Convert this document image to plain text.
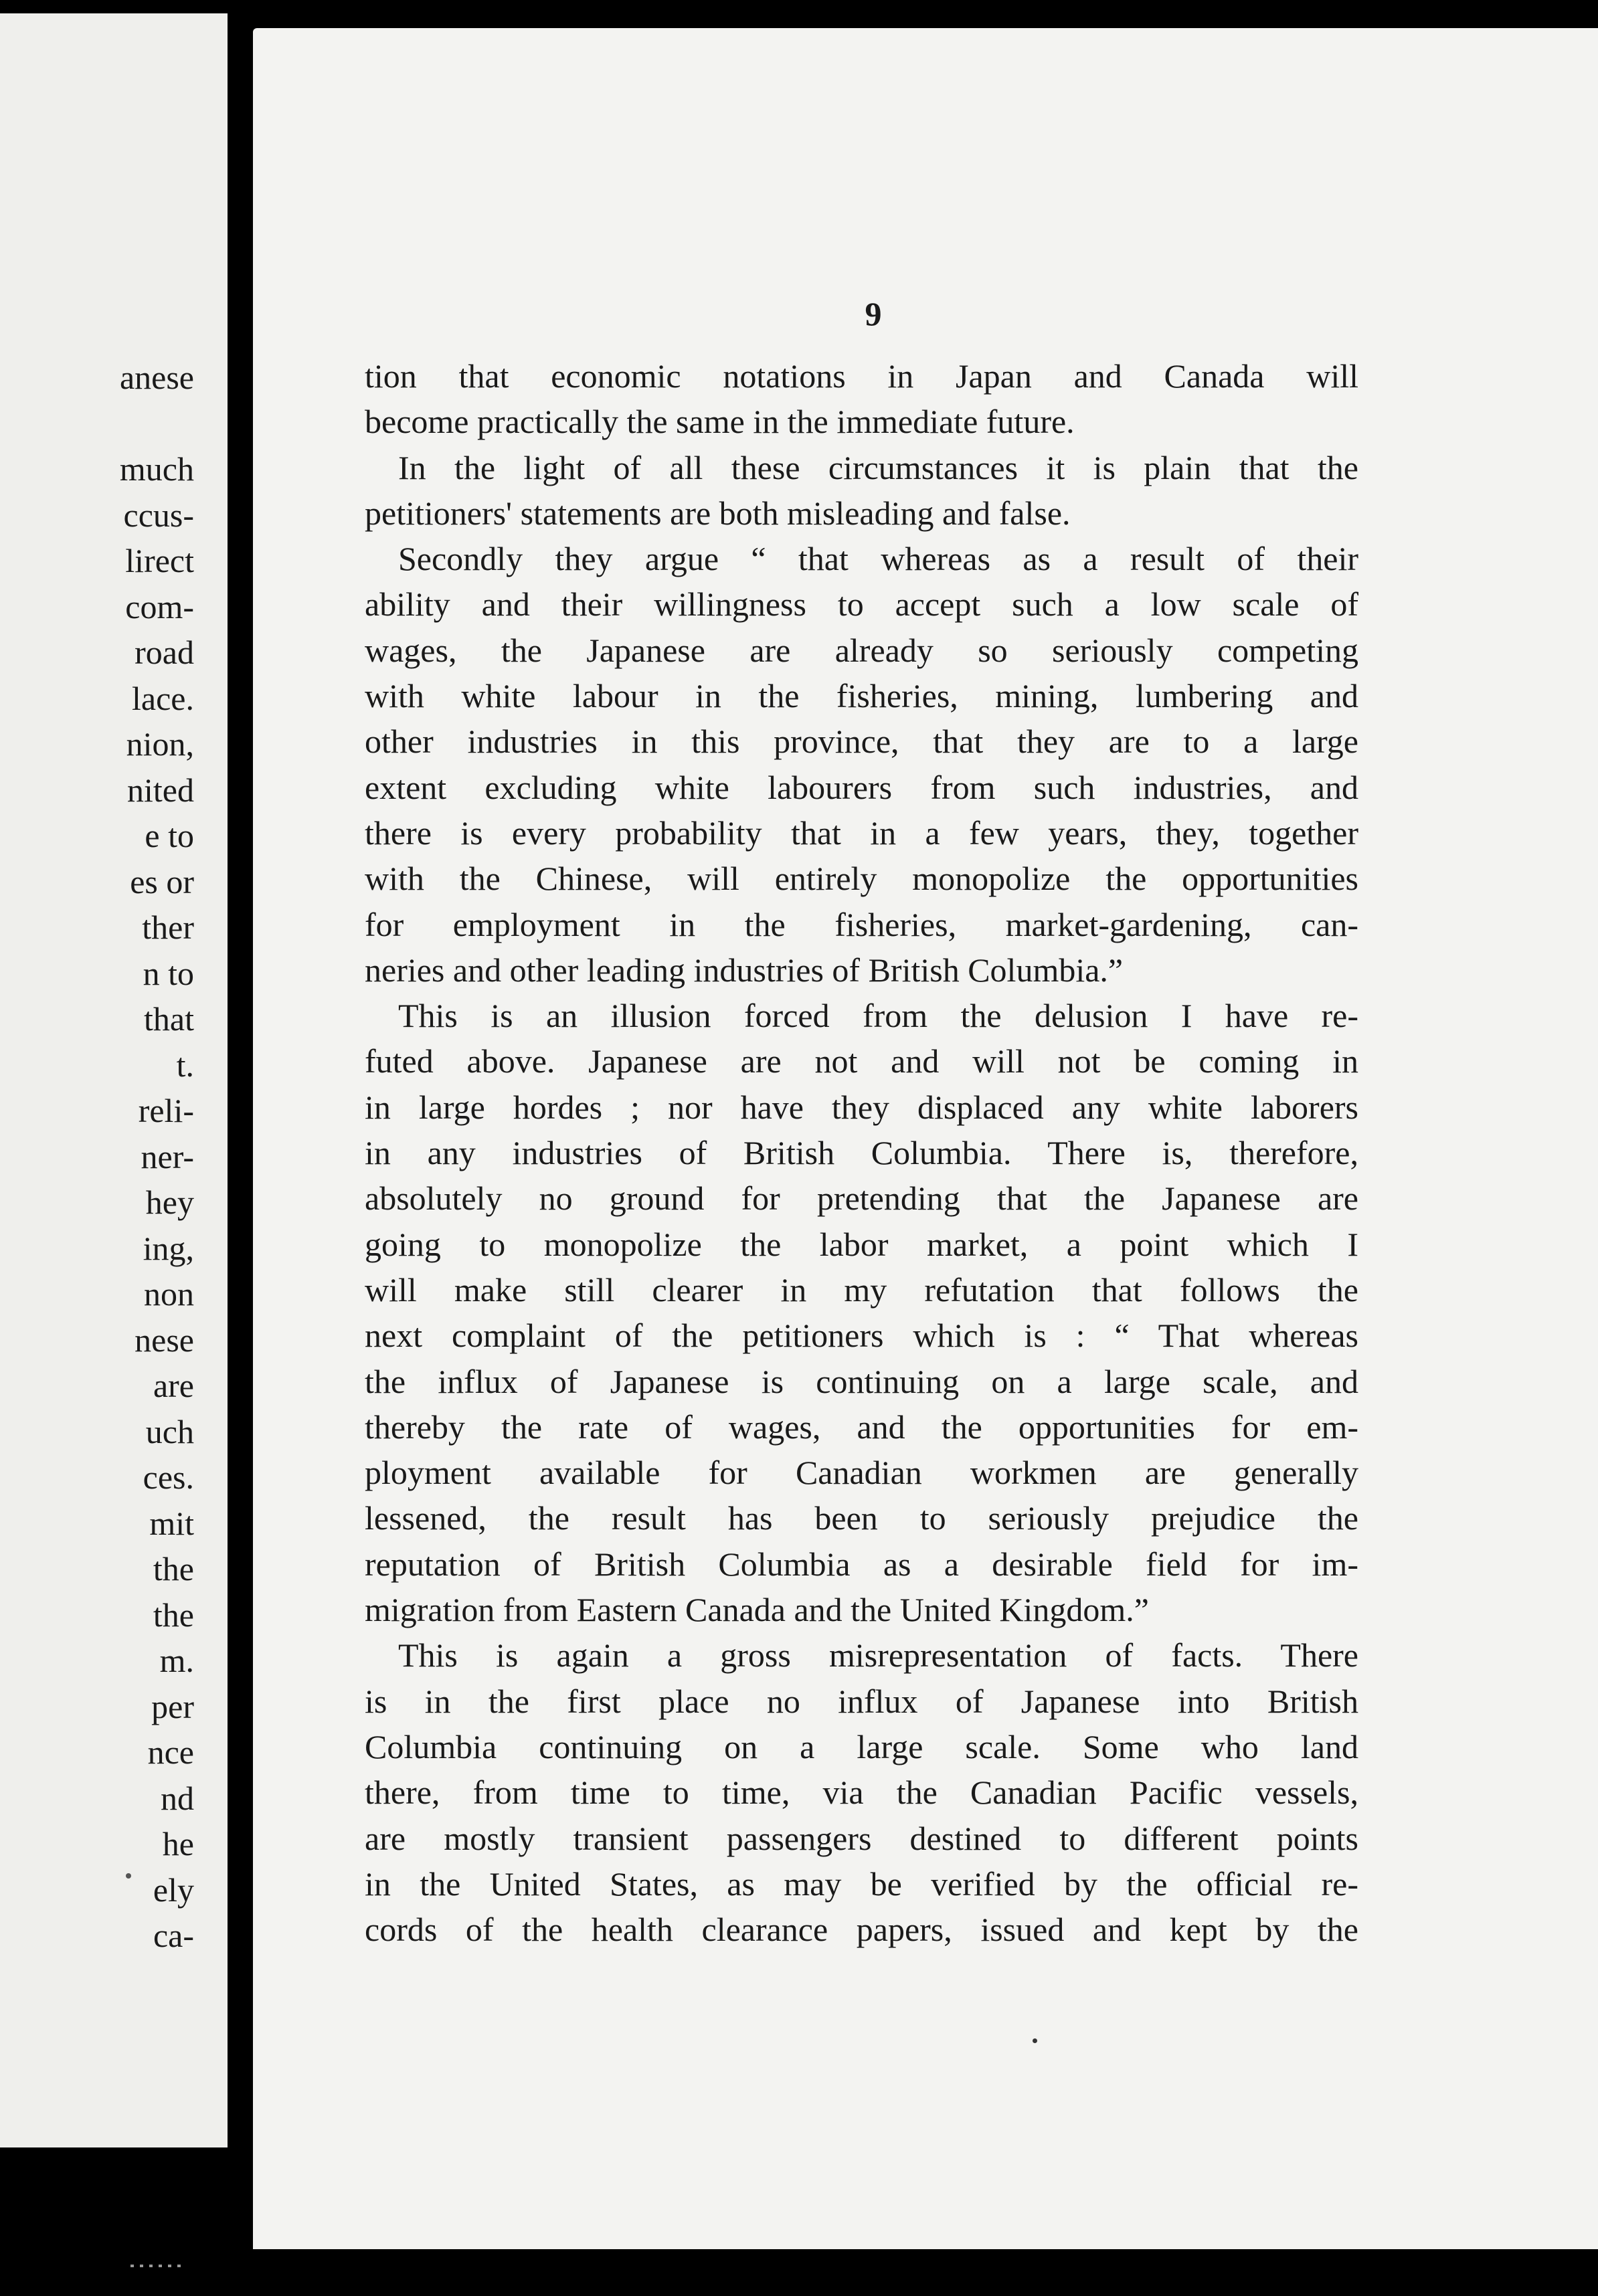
anese

much
ccus-
lirect
com-
road
lace.
nion,
nited
e to
es or
ther
n to
that
t.
reli-
ner-
hey
ing,
non
nese
are
uch
ces.
mit
the
the
m.
per
nce
nd
he
ely
ca-
9
tion that economic notations in Japan and Canada will
become practically the same in the immediate future.
In the light of all these circumstances it is plain that the
petitioners' statements are both misleading and false.
Secondly they argue “ that whereas as a result of their
ability and their willingness to accept such a low scale of
wages, the Japanese are already so seriously competing
with white labour in the fisheries, mining, lumbering and
other industries in this province, that they are to a large
extent excluding white labourers from such industries, and
there is every probability that in a few years, they, together
with the Chinese, will entirely monopolize the opportunities
for employment in the fisheries, market-gardening, can-
neries and other leading industries of British Columbia.”
This is an illusion forced from the delusion I have re-
futed above. Japanese are not and will not be coming in
in large hordes ; nor have they displaced any white laborers
in any industries of British Columbia. There is, therefore,
absolutely no ground for pretending that the Japanese are
going to monopolize the labor market, a point which I
will make still clearer in my refutation that follows the
next complaint of the petitioners which is : “ That whereas
the influx of Japanese is continuing on a large scale, and
thereby the rate of wages, and the opportunities for em-
ployment available for Canadian workmen are generally
lessened, the result has been to seriously prejudice the
reputation of British Columbia as a desirable field for im-
migration from Eastern Canada and the United Kingdom.”
This is again a gross misrepresentation of facts. There
is in the first place no influx of Japanese into British
Columbia continuing on a large scale. Some who land
there, from time to time, via the Canadian Pacific vessels,
are mostly transient passengers destined to different points
in the United States, as may be verified by the official re-
cords of the health clearance papers, issued and kept by the
